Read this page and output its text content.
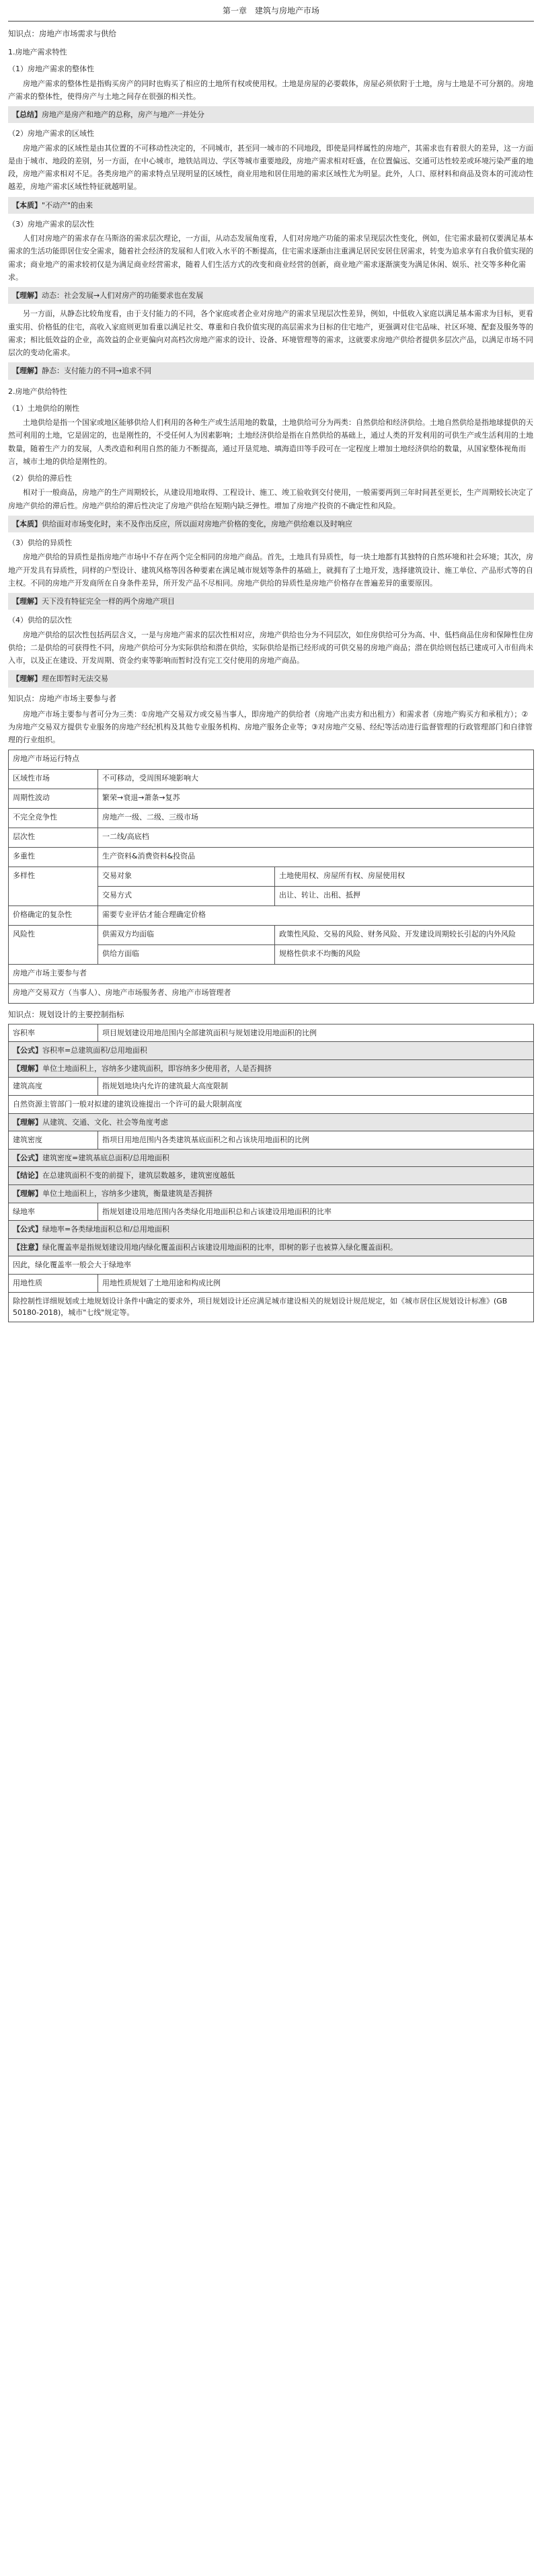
第一章　建筑与房地产市场
知识点：房地产市场需求与供给

1.房地产需求特性

（1）房地产需求的整体性

房地产需求的整体性是指购买房产的同时也购买了相应的土地所有权或使用权。土地是房屋的必要载体，房屋必须依附于土地，房与土地是不可分割的。房地产需求的整体性，使得房产与土地之间存在很强的相关性。

【总结】房地产是房产和地产的总称，房产与地产一并处分

（2）房地产需求的区域性

房地产需求的区域性是由其位置的不可移动性决定的，不同城市，甚至同一城市的不同地段，即使是同样属性的房地产，其需求也有着很大的差异，这一方面是由于城市、地段的差别，另一方面，在中心城市，地铁站周边、学区等城市重要地段，房地产需求相对旺盛，在位置偏远、交通可达性较差或环境污染严重的地段，房地产需求相对不足。各类房地产的需求特点呈现明显的区域性，商业用地和居住用地的需求区域性尤为明显。此外，人口、原材料和商品及资本的可流动性越差，房地产需求区域性特征就越明显。

【本质】"不动产"的由来

（3）房地产需求的层次性

人们对房地产的需求存在马斯洛的需求层次理论，一方面，从动态发展角度看，人们对房地产功能的需求呈现层次性变化，例如，住宅需求最初仅要满足基本需求的生活功能即居住安全需求，随着社会经济的发展和人们收入水平的不断提高，住宅需求逐渐由注重满足居民安居住居需求，转变为追求享有自我价值实现的需求；商业地产的需求较初仅是为满足商业经营需求，随着人们生活方式的改变和商业经营的创新，商业地产需求逐渐演变为满足休闲、娱乐、社交等多种化需求。

【理解】动态：社会发展→人们对房产的功能要求也在发展

另一方面，从静态比较角度看，由于支付能力的不同，各个家庭或者企业对房地产的需求呈现层次性差异，例如，中低收入家庭以满足基本需求为目标，更看重实用、价格低的住宅，高收入家庭则更加看重以满足社交、尊重和自我价值实现的高层需求为目标的住宅地产，更强调对住宅品味、社区环境、配套及服务等的需求；相比低效益的企业，高效益的企业更偏向对高档次房地产需求的设计、设备、环境管理等的需求，这就要求房地产供给者提供多层次产品，以满足市场不同层次的变动化需求。

【理解】静态：支付能力的不同→追求不同

2.房地产供给特性

（1）土地供给的刚性

土地供给是指一个国家或地区能够供给人们利用的各种生产或生活用地的数量，土地供给可分为两类：自然供给和经济供给。土地自然供给是指地球提供的天然可利用的土地，它是固定的，也是刚性的，不受任何人为因素影响；土地经济供给是指在自然供给的基础上，通过人类的开发利用的可供生产或生活利用的土地数量，随着生产力的发展，人类改造和利用自然的能力不断提高，通过开垦荒地、填海造田等手段可在一定程度上增加土地经济供给的数量，从国家整体视角而言，城市土地的供给是刚性的。

（2）供给的滞后性

相对于一般商品，房地产的生产周期较长，从建设用地取得、工程设计、施工、竣工验收到交付使用，一般需要两到三年时间甚至更长，生产周期较长决定了房地产供给的滞后性。房地产供给的滞后性决定了房地产供给在短期内缺乏弹性。增加了房地产投资的不确定性和风险。

【本质】供给面对市场变化时，来不及作出反应，所以面对房地产价格的变化，房地产供给难以及时响应

（3）供给的异质性

房地产供给的异质性是指房地产市场中不存在两个完全相同的房地产商品。首先，土地具有异质性，每一块土地都有其独特的自然环境和社会环境；其次，房地产开发具有异质性，同样的户型设计、建筑风格等因各种要素在满足城市规划等条件的基础上，就拥有了土地开发，选择建筑设计、施工单位、产品形式等的自主权。不同的房地产开发商所在自身条件差异，所开发产品不尽相同。房地产供给的异质性是房地产价格存在普遍差异的重要原因。

【理解】天下没有特征完全一样的两个房地产项目

（4）供给的层次性

房地产供给的层次性包括两层含义，一是与房地产需求的层次性相对应，房地产供给也分为不同层次，如住房供给可分为高、中、低档商品住房和保障性住房供给；二是供给的可获得性不同，房地产供给可分为实际供给和潜在供给，实际供给是指已经形成的可供交易的房地产商品；潜在供给则包括已建成可入市但尚未入市，以及正在建设、开发周期、资金约束等影响而暂时没有完工交付使用的房地产商品。

【理解】理在即暂时无法交易
知识点：房地产市场主要参与者

房地产市场主要参与者可分为三类：①房地产交易双方或交易当事人，即房地产的供给者（房地产出卖方和出租方）和需求者（房地产购买方和承租方）；②为房地产交易双方提供专业服务的房地产经纪机构及其他专业服务机构、房地产服务企业等；③对房地产交易、经纪等活动进行监督管理的行政管理部门和自律管理的行业组织。

房地产市场运行特点		
区域性市场	不可移动，受周围环境影响大	
周期性波动	繁荣→衰退→萧条→复苏	
不完全竞争性	房地产一级、二级、三级市场	
层次性	一二线/高底档	
多重性	生产资料&消费资料&投资品	
多样性	交易对象	土地使用权、房屋所有权、房屋使用权
	交易方式	出让、转让、出租、抵押
价格确定的复杂性	需要专业评估才能合理确定价格	
风险性	供需双方均面临	政策性风险、交易的风险、财务风险、开发建设周期较长引起的内外风险
	供给方面临	规格性供求不均衡的风险
房地产市场主要参与者		
房地产交易双方（当事人）、房地产市场服务者、房地产市场管理者		
知识点：规划设计的主要控制指标
容积率	项目规划建设用地范围内全部建筑面积与规划建设用地面积的比例
【公式】容积率=总建筑面积/总用地面积	
【理解】单位土地面积上，容纳多少建筑面积，即容纳多少使用者，人是否拥挤	
建筑高度	指规划地块内允许的建筑最大高度限制
自然资源主管部门一般对拟建的建筑设施提出一个许可的最大限制高度	
【理解】从建筑、交通、文化、社会等角度考虑	
建筑密度	指项目用地范围内各类建筑基底面积之和占该块用地面积的比例
【公式】建筑密度=建筑基底总面积/总用地面积	
【结论】在总建筑面积不变的前提下，建筑层数越多，建筑密度越低	
【理解】单位土地面积上，容纳多少建筑，衡量建筑是否拥挤	
绿地率	指规划建设用地范围内各类绿化用地面积总和占该建设用地面积的比率
【公式】绿地率=各类绿地面积总和/总用地面积	
【注意】绿化覆盖率是指规划建设用地内绿化覆盖面积占该建设用地面积的比率，即树的影子也被算入绿化覆盖面积。	
因此，绿化覆盖率一般会大于绿地率	
用地性质	用地性质规划了土地用途和构成比例
除控制性详细规划或土地规划设计条件中确定的要求外，项目规划设计还应满足城市建设相关的规划设计规范规定，如《城市居住区规划设计标准》(GB 50180-2018)，城市"七线"规定等。	
